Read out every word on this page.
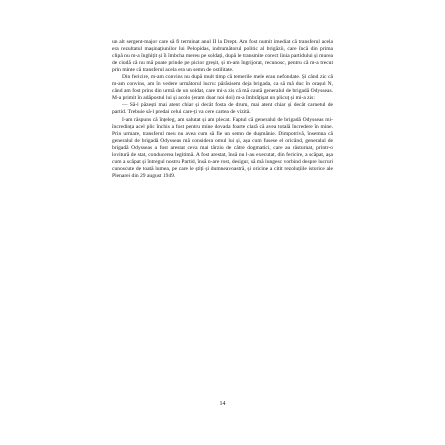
un alt sergent-major care să fi terminat anul II la Drept. Am fost numit imediat că transferul acela era rezultatul mașinațiunilor lui Pelopidas, indrumătorul politic al brigăzii, care încă din prima clipă nu m-a înghițit și îi îmbcha mereu pe soldați, după le transmite corect linia partidului și murea de ciudă că nu mă poate prinde pe picior greșit, și m-am îngrijorat, recunosc, pentru că m-a trecut prin minte că transferul acela era un semn de ostilitate.

Din fericire, m-am convins nu după mult timp că temerile mele erau nefondate. Și când zic că m-am convins, am în vedere următorul lucru: părăsisem deja brigada, ca să mă duc în orașul N, când am fost prins din urmă de un soldat, care mi-a zis că mă caută generalul de brigadă Odysseas. M-a primit în adăpostul lui și acolo (eram doar noi doi) m-a îmbrățișat un plicuț și mi-a zis:

— Să-l păzești mai atent chiar și decât fosta de drum, mai atent chiar și decât carnetul de partid. Trebuie să-l predai celui care-ți va cere cartea de vizită.

I-am răspuns că înțeleg, am salutat și am plecat. Faptul că generalul de brigadă Odysseas mi-încredința acel plic închis a fost pentru mine dovada foarte clară că avea totală încredere în mine. Prin urmare, transferul meu nu avea cum să fie un semn de dușmănie. Dimpotrivă, însemna că generalul de brigadă Odysseas mă considera omul lui și, așa cum fusese el oricând, generalul de brigadă Odysseas a fost arestat ceva mai târziu de către dogmatici, care au răsturnat, printr-o lovitură de stat, conducerea legitimă. A fost arestat, însă nu l-au executat, din fericire, a scăpat, așa cum a scăpat și întregul nostru Partid, însă n-are rost, desigur, să mă lungesc vorbind despre lucruri cunoscute de toată lumea, pe care le știți și dumneavoastră, și oricine a citit rezoluțiile istorice ale Plenarei din 29 august 1949.

14
